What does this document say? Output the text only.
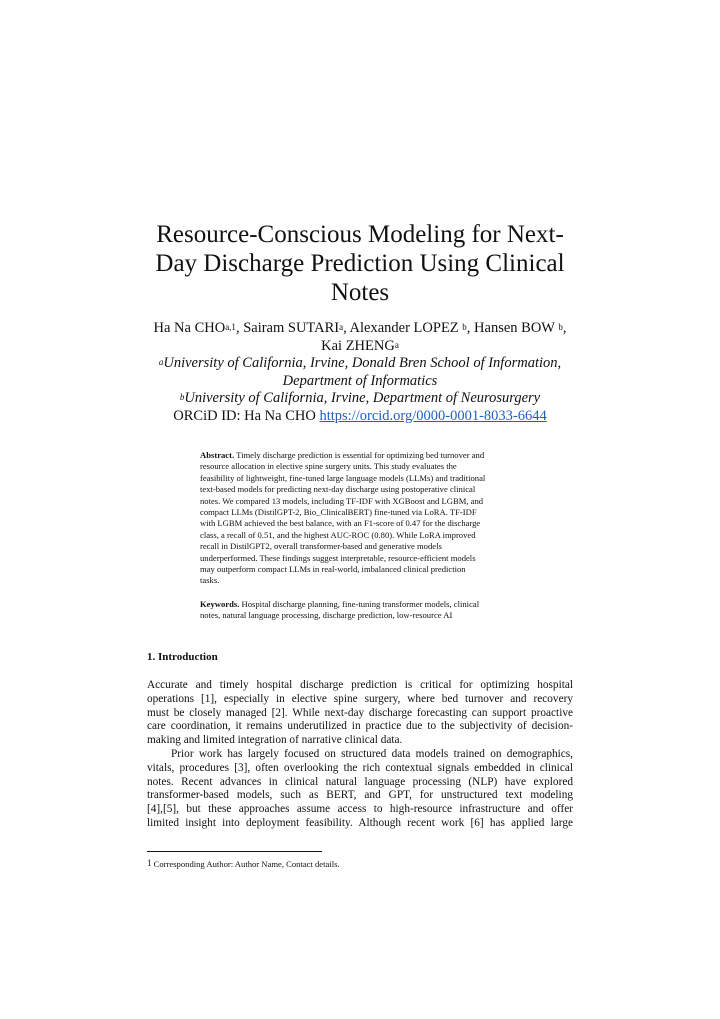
Resource-Conscious Modeling for Next-
Day Discharge Prediction Using Clinical
Notes
Ha Na CHO$^{a,1}$, Sairam SUTARI$^a$, Alexander LOPEZ $^b$, Hansen BOW $^b$,
Kai ZHENG$^a$
$^a$University of California, Irvine, Donald Bren School of Information,
Department of Informatics
$^b$University of California, Irvine, Department of Neurosurgery
ORCiD ID: Ha Na CHO https://orcid.org/0000-0001-8033-6644
Abstract. Timely discharge prediction is essential for optimizing bed turnover and
resource allocation in elective spine surgery units. This study evaluates the
feasibility of lightweight, fine-tuned large language models (LLMs) and traditional
text-based models for predicting next-day discharge using postoperative clinical
notes. We compared 13 models, including TF-IDF with XGBoost and LGBM, and
compact LLMs (DistilGPT-2, Bio_ClinicalBERT) fine-tuned via LoRA. TF-IDF
with LGBM achieved the best balance, with an F1-score of 0.47 for the discharge
class, a recall of 0.51, and the highest AUC-ROC (0.80). While LoRA improved
recall in DistilGPT2, overall transformer-based and generative models
underperformed. These findings suggest interpretable, resource-efficient models
may outperform compact LLMs in real-world, imbalanced clinical prediction
tasks.
Keywords. Hospital discharge planning, fine-tuning transformer models, clinical
notes, natural language processing, discharge prediction, low-resource AI
1. Introduction
Accurate and timely hospital discharge prediction is critical for optimizing hospital
operations [1], especially in elective spine surgery, where bed turnover and recovery
must be closely managed [2]. While next-day discharge forecasting can support proactive
care coordination, it remains underutilized in practice due to the subjectivity of decision-
making and limited integration of narrative clinical data.
Prior work has largely focused on structured data models trained on demographics,
vitals, procedures [3], often overlooking the rich contextual signals embedded in clinical
notes. Recent advances in clinical natural language processing (NLP) have explored
transformer-based models, such as BERT, and GPT, for unstructured text modeling
[4],[5], but these approaches assume access to high-resource infrastructure and offer
limited insight into deployment feasibility. Although recent work [6] has applied large
$^1$ Corresponding Author: Author Name, Contact details.
